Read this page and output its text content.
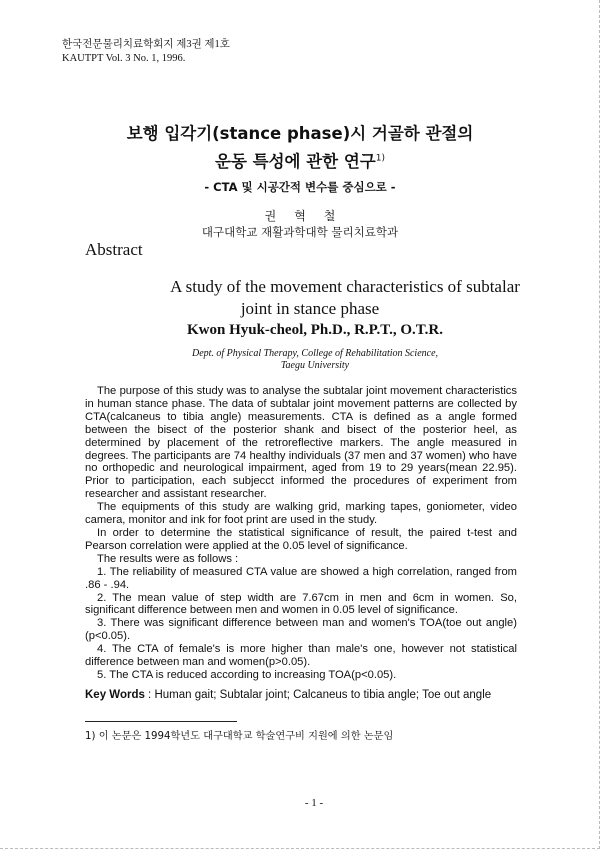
한국전문물리치료학회지 제3권 제1호
KAUTPT Vol. 3 No. 1, 1996.
보행 입각기(stance phase)시 거골하 관절의
운동 특성에 관한 연구$^{1)}$
- CTA 및 시공간적 변수를 중심으로 -
권혁철
대구대학교 재활과학대학 물리치료학과
Abstract
A study of the movement characteristics of subtalar
joint in stance phase
Kwon Hyuk-cheol, Ph.D., R.P.T., O.T.R.
Dept. of Physical Therapy, College of Rehabilitation Science,
Taegu University

The purpose of this study was to analyse the subtalar joint movement characteristics in human stance phase. The data of subtalar joint movement patterns are collected by CTA(calcaneus to tibia angle) measurements. CTA is defined as a angle formed between the bisect of the posterior shank and bisect of the posterior heel, as determined by placement of the retroreflective markers. The angle measured in degrees. The participants are 74 healthy individuals (37 men and 37 women) who have no orthopedic and neurological impairment, aged from 19 to 29 years(mean 22.95). Prior to participation, each subjecct informed the procedures of experiment from researcher and assistant researcher.

The equipments of this study are walking grid, marking tapes, goniometer, video camera, monitor and ink for foot print are used in the study.

In order to determine the statistical significance of result, the paired t-test and Pearson correlation were applied at the 0.05 level of significance.

The results were as follows :

1. The reliability of measured CTA value are showed a high correlation, ranged from .86 - .94.

2. The mean value of step width are 7.67cm in men and 6cm in women. So, significant difference between men and women in 0.05 level of significance.

3. There was significant difference between man and women's TOA(toe out angle)(p<0.05).

4. The CTA of female's is more higher than male's one, however not statistical difference between man and women(p>0.05).

5. The CTA is reduced according to increasing TOA(p<0.05).

Key Words : Human gait; Subtalar joint; Calcaneus to tibia angle; Toe out angle
1) 이 논문은 1994학년도 대구대학교 학술연구비 지원에 의한 논문임
- 1 -
